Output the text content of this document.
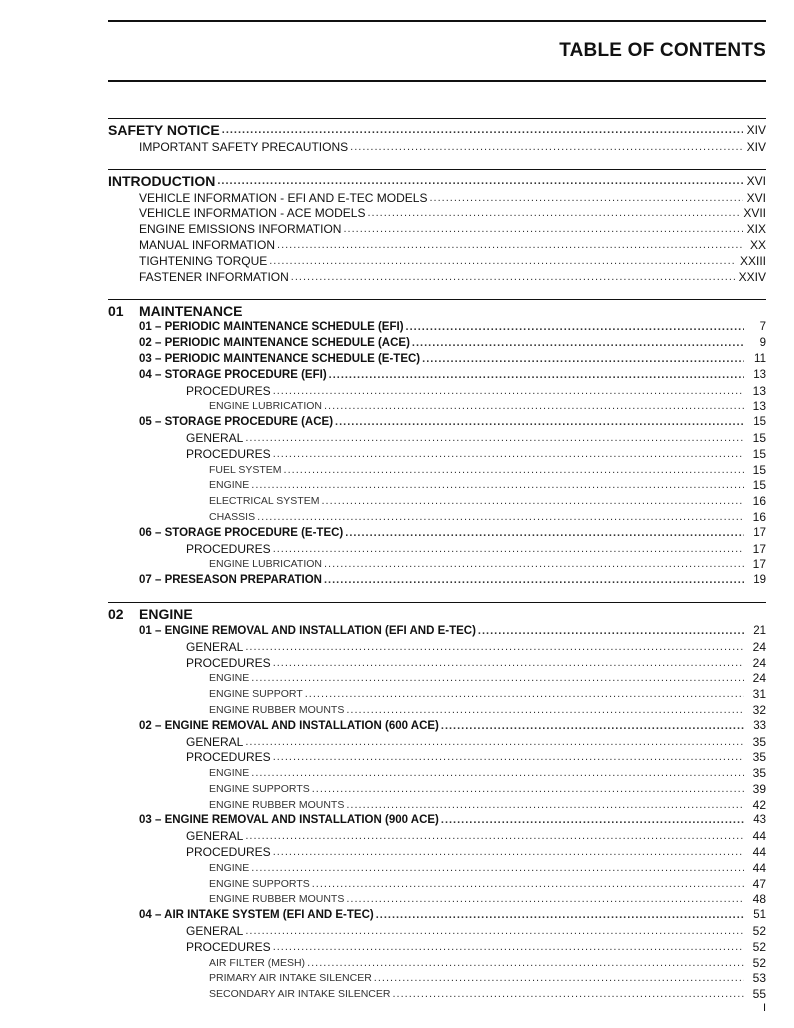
TABLE OF CONTENTS
SAFETY NOTICE .....	XIV
IMPORTANT SAFETY PRECAUTIONS .....	XIV
INTRODUCTION .....	XVI
VEHICLE INFORMATION - EFI AND E-TEC MODELS .....	XVI
VEHICLE INFORMATION - ACE MODELS .....	XVII
ENGINE EMISSIONS INFORMATION .....	XIX
MANUAL INFORMATION .....	XX
TIGHTENING TORQUE .....	XXIII
FASTENER INFORMATION .....	XXIV
01	MAINTENANCE
01 – PERIODIC MAINTENANCE SCHEDULE (EFI) .....	7
02 – PERIODIC MAINTENANCE SCHEDULE (ACE) .....	9
03 – PERIODIC MAINTENANCE SCHEDULE (E-TEC) .....	11
04 – STORAGE PROCEDURE (EFI) .....	13
PROCEDURES .....	13
ENGINE LUBRICATION .....	13
05 – STORAGE PROCEDURE (ACE) .....	15
GENERAL .....	15
PROCEDURES .....	15
FUEL SYSTEM .....	15
ENGINE .....	15
ELECTRICAL SYSTEM .....	16
CHASSIS .....	16
06 – STORAGE PROCEDURE (E-TEC) .....	17
PROCEDURES .....	17
ENGINE LUBRICATION .....	17
07 – PRESEASON PREPARATION .....	19
02	ENGINE
01 – ENGINE REMOVAL AND INSTALLATION (EFI AND E-TEC) .....	21
GENERAL .....	24
PROCEDURES .....	24
ENGINE .....	24
ENGINE SUPPORT .....	31
ENGINE RUBBER MOUNTS .....	32
02 – ENGINE REMOVAL AND INSTALLATION (600 ACE) .....	33
GENERAL .....	35
PROCEDURES .....	35
ENGINE .....	35
ENGINE SUPPORTS .....	39
ENGINE RUBBER MOUNTS .....	42
03 – ENGINE REMOVAL AND INSTALLATION (900 ACE) .....	43
GENERAL .....	44
PROCEDURES .....	44
ENGINE .....	44
ENGINE SUPPORTS .....	47
ENGINE RUBBER MOUNTS .....	48
04 – AIR INTAKE SYSTEM (EFI AND E-TEC) .....	51
GENERAL .....	52
PROCEDURES .....	52
AIR FILTER (MESH) .....	52
PRIMARY AIR INTAKE SILENCER .....	53
SECONDARY AIR INTAKE SILENCER .....	55
I
